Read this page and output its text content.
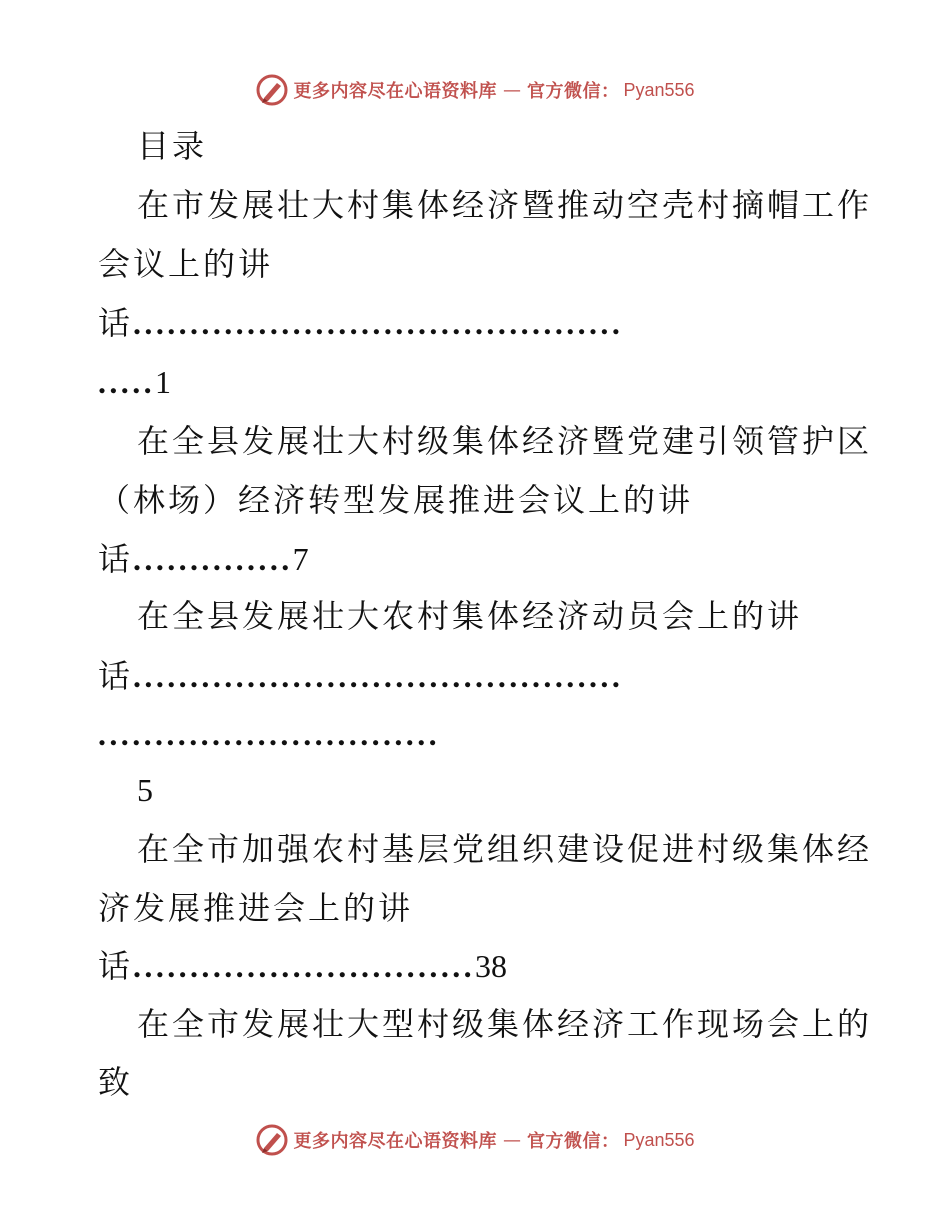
更多内容尽在心语资料库 — 官方微信： Pyan556
目录
在市发展壮大村集体经济暨推动空壳村摘帽工作
会议上的讲
话...........................................
.....1
在全县发展壮大村级集体经济暨党建引领管护区
（林场）经济转型发展推进会议上的讲
话..............7
在全县发展壮大农村集体经济动员会上的讲
话...........................................
..............................
5
在全市加强农村基层党组织建设促进村级集体经
济发展推进会上的讲
话..............................38
在全市发展壮大型村级集体经济工作现场会上的
致
更多内容尽在心语资料库 — 官方微信： Pyan556
